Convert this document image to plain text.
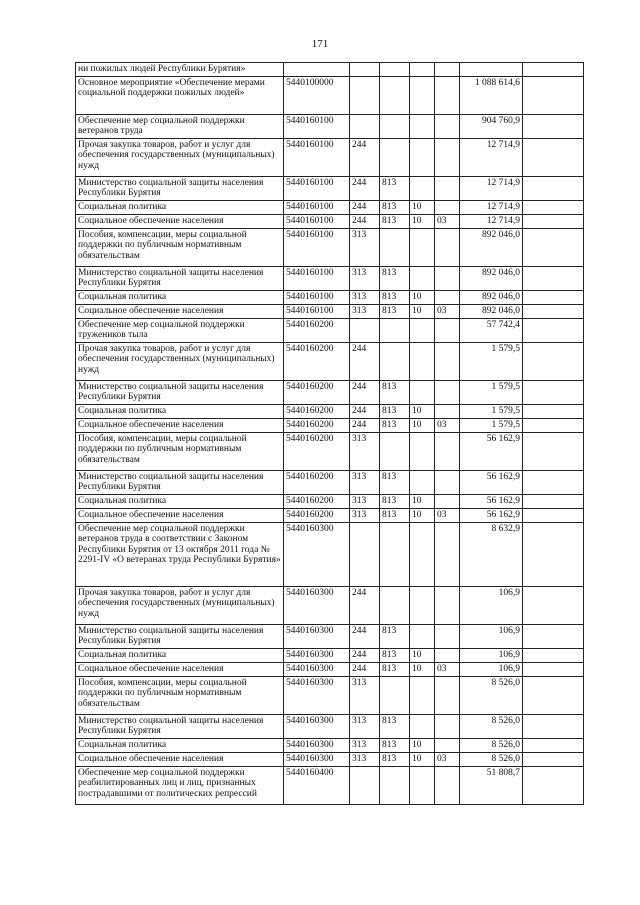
171
ни пожилых людей Республики Бурятия»							
Основное мероприятие «Обеспечение мерами социальной поддержки пожилых людей»	5440100000					1 088 614,6	
Обеспечение мер социальной поддержки ветеранов труда	5440160100					904 760,9	
Прочая закупка товаров, работ и услуг для обеспечения государственных (муниципальных) нужд	5440160100	244				12 714,9	
Министерство социальной защиты населения Республики Бурятия	5440160100	244	813			12 714,9	
Социальная политика	5440160100	244	813	10		12 714,9	
Социальное обеспечение населения	5440160100	244	813	10	03	12 714,9	
Пособия, компенсации, меры социальной поддержки по публичным нормативным обязательствам	5440160100	313				892 046,0	
Министерство социальной защиты населения Республики Бурятия	5440160100	313	813			892 046,0	
Социальная политика	5440160100	313	813	10		892 046,0	
Социальное обеспечение населения	5440160100	313	813	10	03	892 046,0	
Обеспечение мер социальной поддержки тружеников тыла	5440160200					57 742,4	
Прочая закупка товаров, работ и услуг для обеспечения государственных (муниципальных) нужд	5440160200	244				1 579,5	
Министерство социальной защиты населения Республики Бурятия	5440160200	244	813			1 579,5	
Социальная политика	5440160200	244	813	10		1 579,5	
Социальное обеспечение населения	5440160200	244	813	10	03	1 579,5	
Пособия, компенсации, меры социальной поддержки по публичным нормативным обязательствам	5440160200	313				56 162,9	
Министерство социальной защиты населения Республики Бурятия	5440160200	313	813			56 162,9	
Социальная политика	5440160200	313	813	10		56 162,9	
Социальное обеспечение населения	5440160200	313	813	10	03	56 162,9	
Обеспечение мер социальной поддержки ветеранов труда в соответствии с Законом Республики Бурятия от 13 октября 2011 года № 2291-IV «О ветеранах труда Республики Бурятия»	5440160300					8 632,9	
Прочая закупка товаров, работ и услуг для обеспечения государственных (муниципальных) нужд	5440160300	244				106,9	
Министерство социальной защиты населения Республики Бурятия	5440160300	244	813			106,9	
Социальная политика	5440160300	244	813	10		106,9	
Социальное обеспечение населения	5440160300	244	813	10	03	106,9	
Пособия, компенсации, меры социальной поддержки по публичным нормативным обязательствам	5440160300	313				8 526,0	
Министерство социальной защиты населения Республики Бурятия	5440160300	313	813			8 526,0	
Социальная политика	5440160300	313	813	10		8 526,0	
Социальное обеспечение населения	5440160300	313	813	10	03	8 526,0	
Обеспечение мер социальной поддержки реабилитированных лиц и лиц, признанных пострадавшими от политических репрессий	5440160400					51 808,7	
